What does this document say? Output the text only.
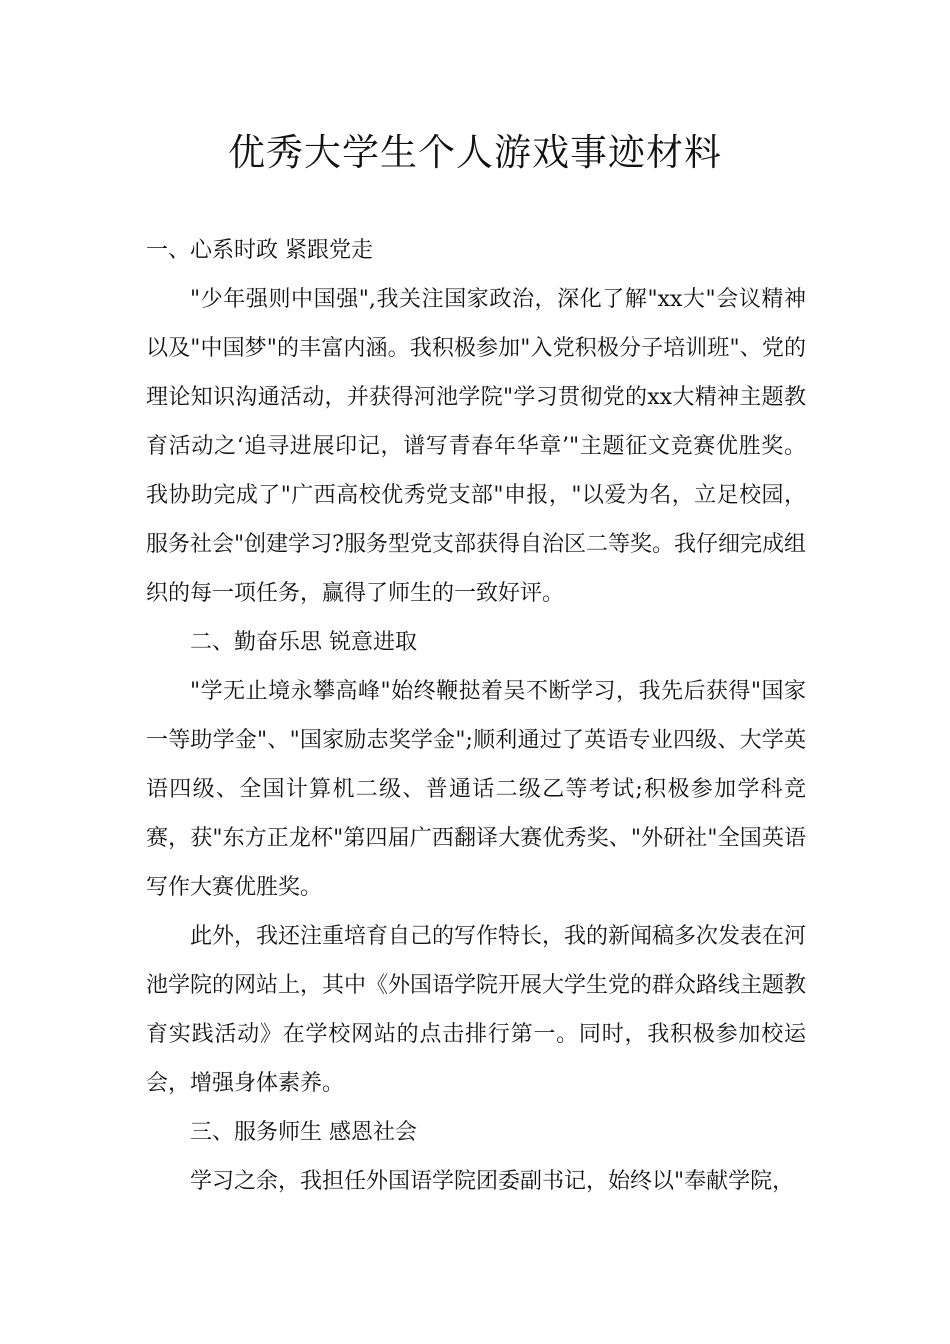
优秀大学生个人游戏事迹材料

一、心系时政 紧跟党走

"少年强则中国强",我关注国家政治，深化了解"xx大"会议精神以及"中国梦"的丰富内涵。我积极参加"入党积极分子培训班"、党的理论知识沟通活动，并获得河池学院"学习贯彻党的xx大精神主题教育活动之‘追寻进展印记，谱写青春年华章’"主题征文竞赛优胜奖。我协助完成了"广西高校优秀党支部"申报，"以爱为名，立足校园，服务社会"创建学习?服务型党支部获得自治区二等奖。我仔细完成组织的每一项任务，赢得了师生的一致好评。

二、勤奋乐思 锐意进取

"学无止境永攀高峰"始终鞭挞着吴不断学习，我先后获得"国家一等助学金"、"国家励志奖学金";顺利通过了英语专业四级、大学英语四级、全国计算机二级、普通话二级乙等考试;积极参加学科竞赛，获"东方正龙杯"第四届广西翻译大赛优秀奖、"外研社"全国英语写作大赛优胜奖。

此外，我还注重培育自己的写作特长，我的新闻稿多次发表在河池学院的网站上，其中《外国语学院开展大学生党的群众路线主题教育实践活动》在学校网站的点击排行第一。同时，我积极参加校运会，增强身体素养。

三、服务师生 感恩社会

学习之余，我担任外国语学院团委副书记，始终以"奉献学院，
